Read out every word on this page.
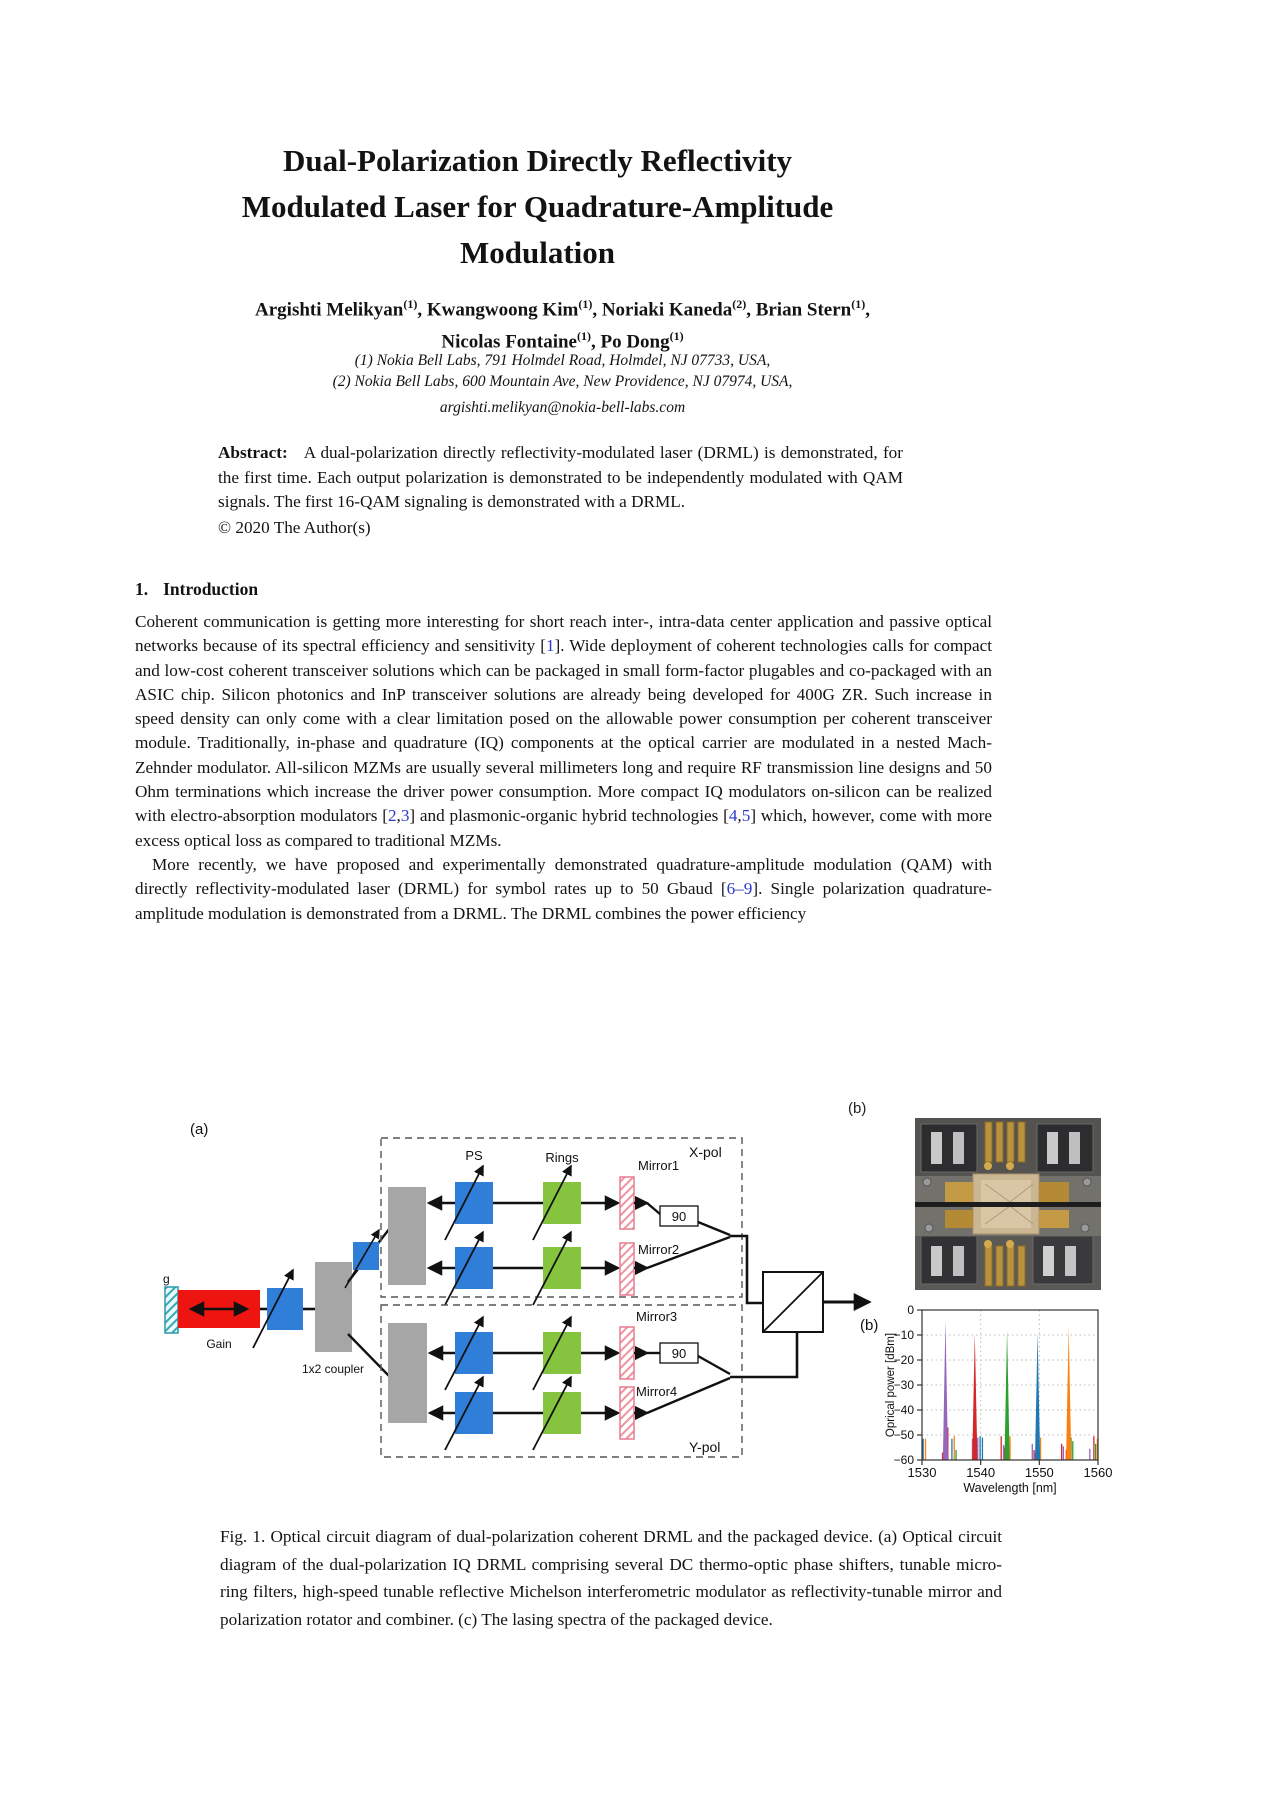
Dual-Polarization Directly Reflectivity
Modulated Laser for Quadrature-Amplitude
Modulation
Argishti Melikyan$^{(1)}$, Kwangwoong Kim$^{(1)}$, Noriaki Kaneda$^{(2)}$, Brian Stern$^{(1)}$,
Nicolas Fontaine$^{(1)}$, Po Dong$^{(1)}$
(1) Nokia Bell Labs, 791 Holmdel Road, Holmdel, NJ 07733, USA,
(2) Nokia Bell Labs, 600 Mountain Ave, New Providence, NJ 07974, USA,
argishti.melikyan@nokia-bell-labs.com
Abstract: A dual-polarization directly reflectivity-modulated laser (DRML) is demonstrated, for the first time. Each output polarization is demonstrated to be independently modulated with QAM signals. The first 16-QAM signaling is demonstrated with a DRML.
© 2020 The Author(s)
1. Introduction

Coherent communication is getting more interesting for short reach inter-, intra-data center application and passive optical networks because of its spectral efficiency and sensitivity [1]. Wide deployment of coherent technologies calls for compact and low-cost coherent transceiver solutions which can be packaged in small form-factor plugables and co-packaged with an ASIC chip. Silicon photonics and InP transceiver solutions are already being developed for 400G ZR. Such increase in speed density can only come with a clear limitation posed on the allowable power consumption per coherent transceiver module. Traditionally, in-phase and quadrature (IQ) components at the optical carrier are modulated in a nested Mach-Zehnder modulator. All-silicon MZMs are usually several millimeters long and require RF transmission line designs and 50 Ohm terminations which increase the driver power consumption. More compact IQ modulators on-silicon can be realized with electro-absorption modulators [2,3] and plasmonic-organic hybrid technologies [4,5] which, however, come with more excess optical loss as compared to traditional MZMs.

More recently, we have proposed and experimentally demonstrated quadrature-amplitude modulation (QAM) with directly reflectivity-modulated laser (DRML) for symbol rates up to 50 Gbaud [6–9]. Single polarization quadrature-amplitude modulation is demonstrated from a DRML. The DRML combines the power efficiency

(a)
g
Gain
1x2 coupler
X-pol
PS	Rings
Mirror1
90
Mirror2
Y-pol
Mirror3
90
Mirror4
(b)
(b)
1530 1540 1550 1560
0
−10
−20
−30
−40
−50
−60
Oprical power [dBm]
Wavelength [nm]
Fig. 1. Optical circuit diagram of dual-polarization coherent DRML and the packaged device. (a) Optical circuit diagram of the dual-polarization IQ DRML comprising several DC thermo-optic phase shifters, tunable micro-ring filters, high-speed tunable reflective Michelson interferometric modulator as reflectivity-tunable mirror and polarization rotator and combiner. (c) The lasing spectra of the packaged device.
